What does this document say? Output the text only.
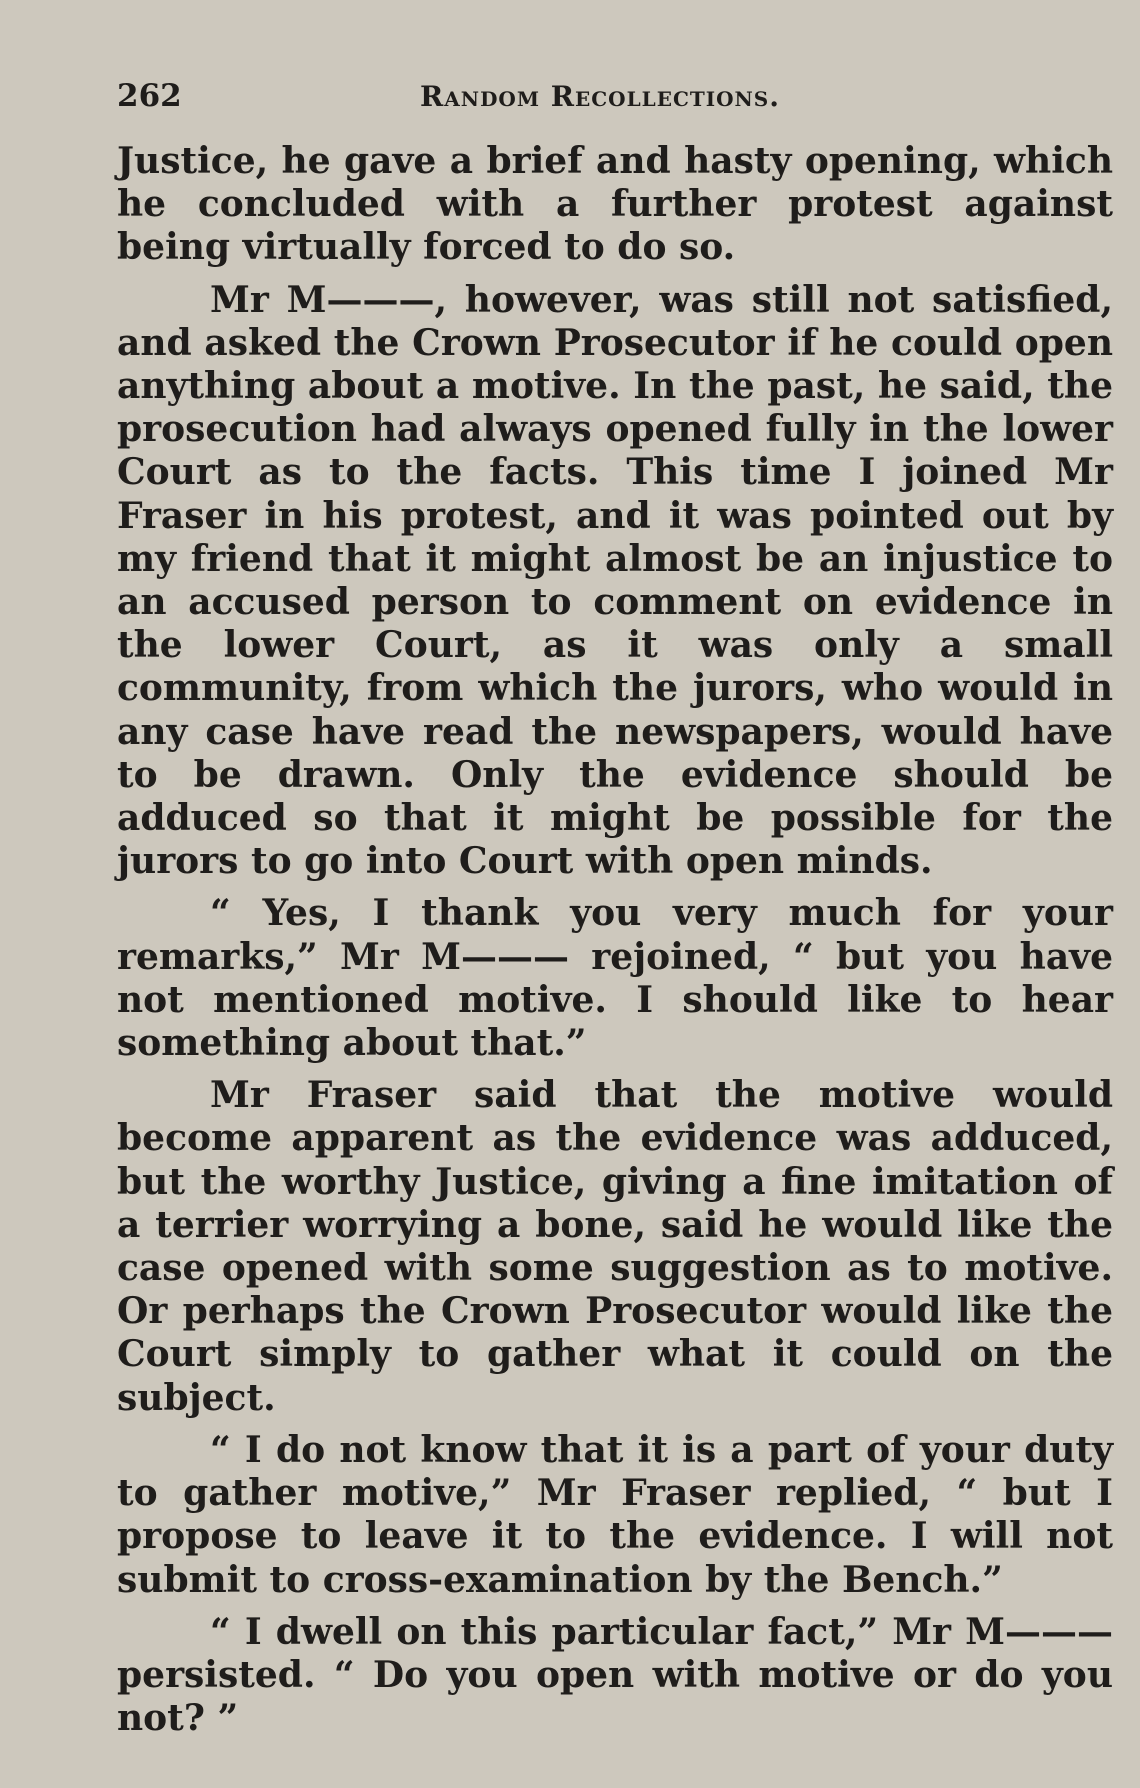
262	Random Recollections.

Justice, he gave a brief and hasty opening, which he concluded with a further protest against being virtually forced to do so.

Mr M———, however, was still not satisfied, and asked the Crown Prosecutor if he could open anything about a motive. In the past, he said, the prosecution had always opened fully in the lower Court as to the facts. This time I joined Mr Fraser in his protest, and it was pointed out by my friend that it might almost be an injustice to an accused person to comment on evidence in the lower Court, as it was only a small community, from which the jurors, who would in any case have read the newspapers, would have to be drawn. Only the evidence should be adduced so that it might be possible for the jurors to go into Court with open minds.

“ Yes, I thank you very much for your remarks,” Mr M——— rejoined, “ but you have not mentioned motive. I should like to hear something about that.”

Mr Fraser said that the motive would become apparent as the evidence was adduced, but the worthy Justice, giving a fine imitation of a terrier worrying a bone, said he would like the case opened with some suggestion as to motive. Or perhaps the Crown Prosecutor would like the Court simply to gather what it could on the subject.

“ I do not know that it is a part of your duty to gather motive,” Mr Fraser replied, “ but I propose to leave it to the evidence. I will not submit to cross-examination by the Bench.”

“ I dwell on this particular fact,” Mr M——— persisted. “ Do you open with motive or do you not? ”
